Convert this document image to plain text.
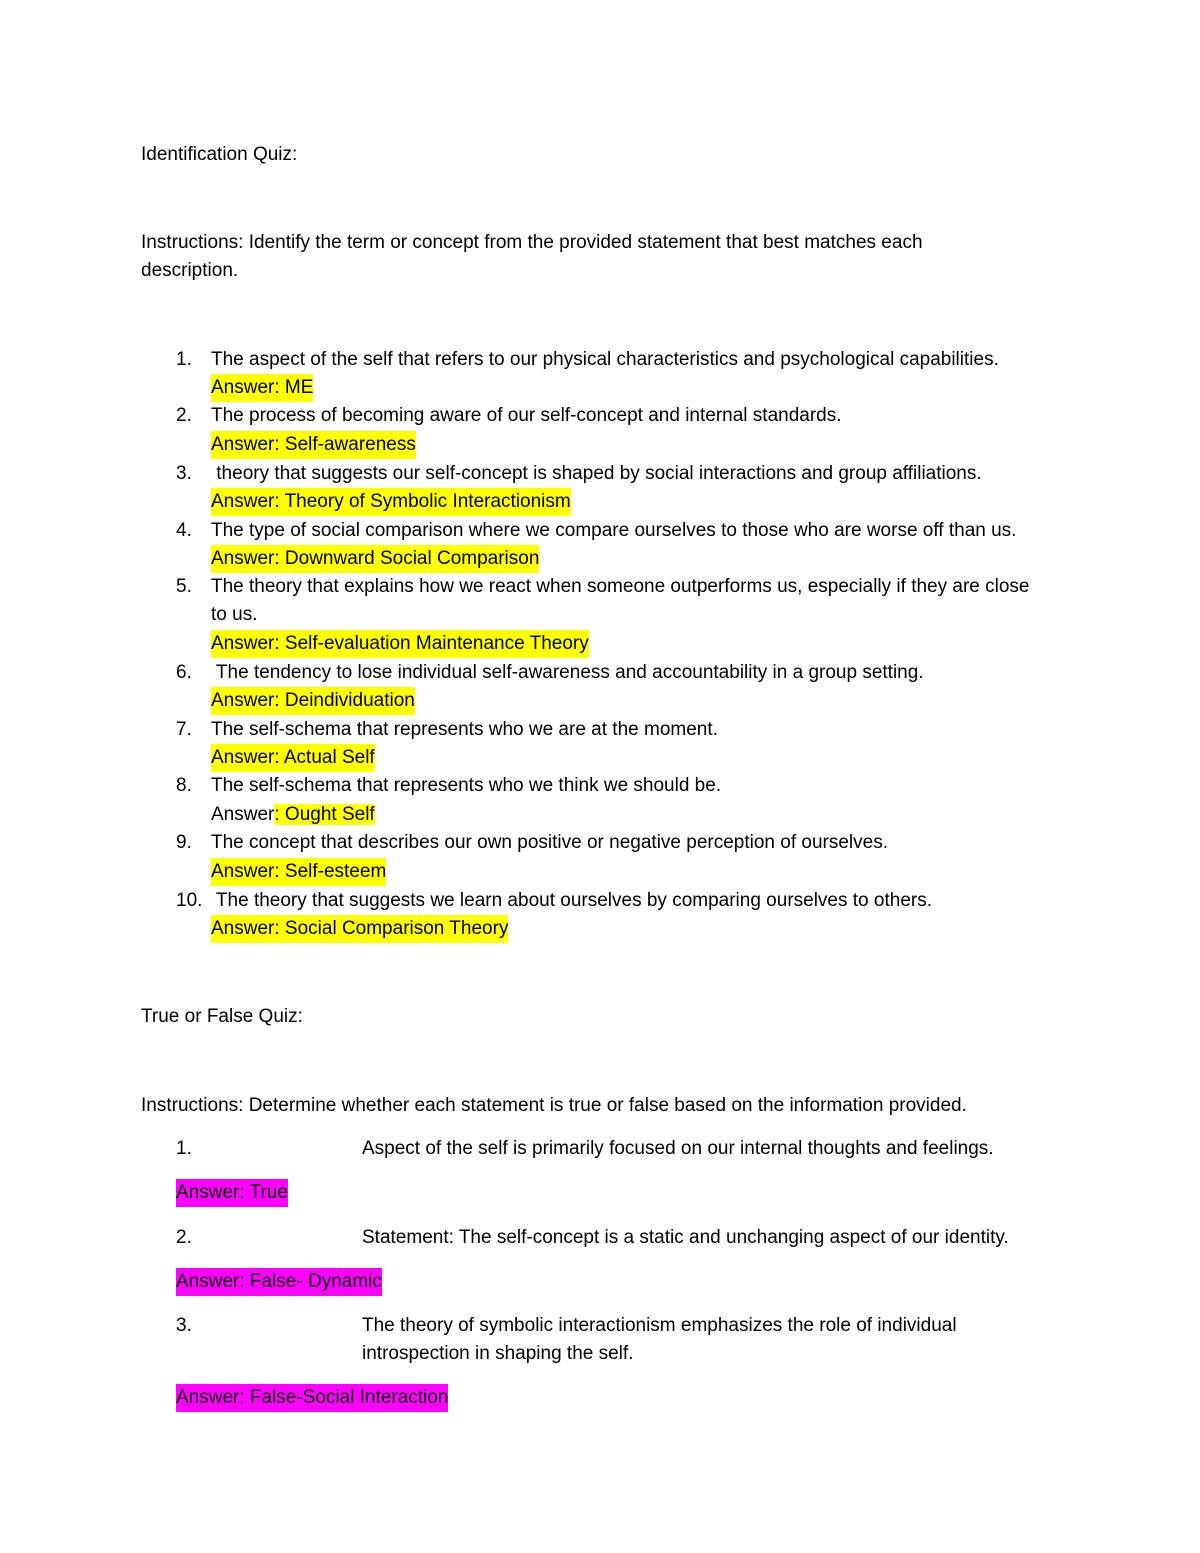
Identification Quiz:
Instructions: Identify the term or concept from the provided statement that best matches each description.
1. The aspect of the self that refers to our physical characteristics and psychological capabilities.
Answer: ME
2. The process of becoming aware of our self-concept and internal standards.
Answer: Self-awareness
3. theory that suggests our self-concept is shaped by social interactions and group affiliations.
Answer: Theory of Symbolic Interactionism
4. The type of social comparison where we compare ourselves to those who are worse off than us.
Answer: Downward Social Comparison
5. The theory that explains how we react when someone outperforms us, especially if they are close to us.
Answer: Self-evaluation Maintenance Theory
6. The tendency to lose individual self-awareness and accountability in a group setting.
Answer: Deindividuation
7. The self-schema that represents who we are at the moment.
Answer: Actual Self
8. The self-schema that represents who we think we should be.
Answer: Ought Self
9. The concept that describes our own positive or negative perception of ourselves.
Answer: Self-esteem
10. The theory that suggests we learn about ourselves by comparing ourselves to others.
Answer: Social Comparison Theory
True or False Quiz:
Instructions: Determine whether each statement is true or false based on the information provided.
1.	Aspect of the self is primarily focused on our internal thoughts and feelings.
Answer: True
2.	Statement: The self-concept is a static and unchanging aspect of our identity.
Answer: False- Dynamic
3.	The theory of symbolic interactionism emphasizes the role of individual introspection in shaping the self.
Answer: False-Social Interaction
